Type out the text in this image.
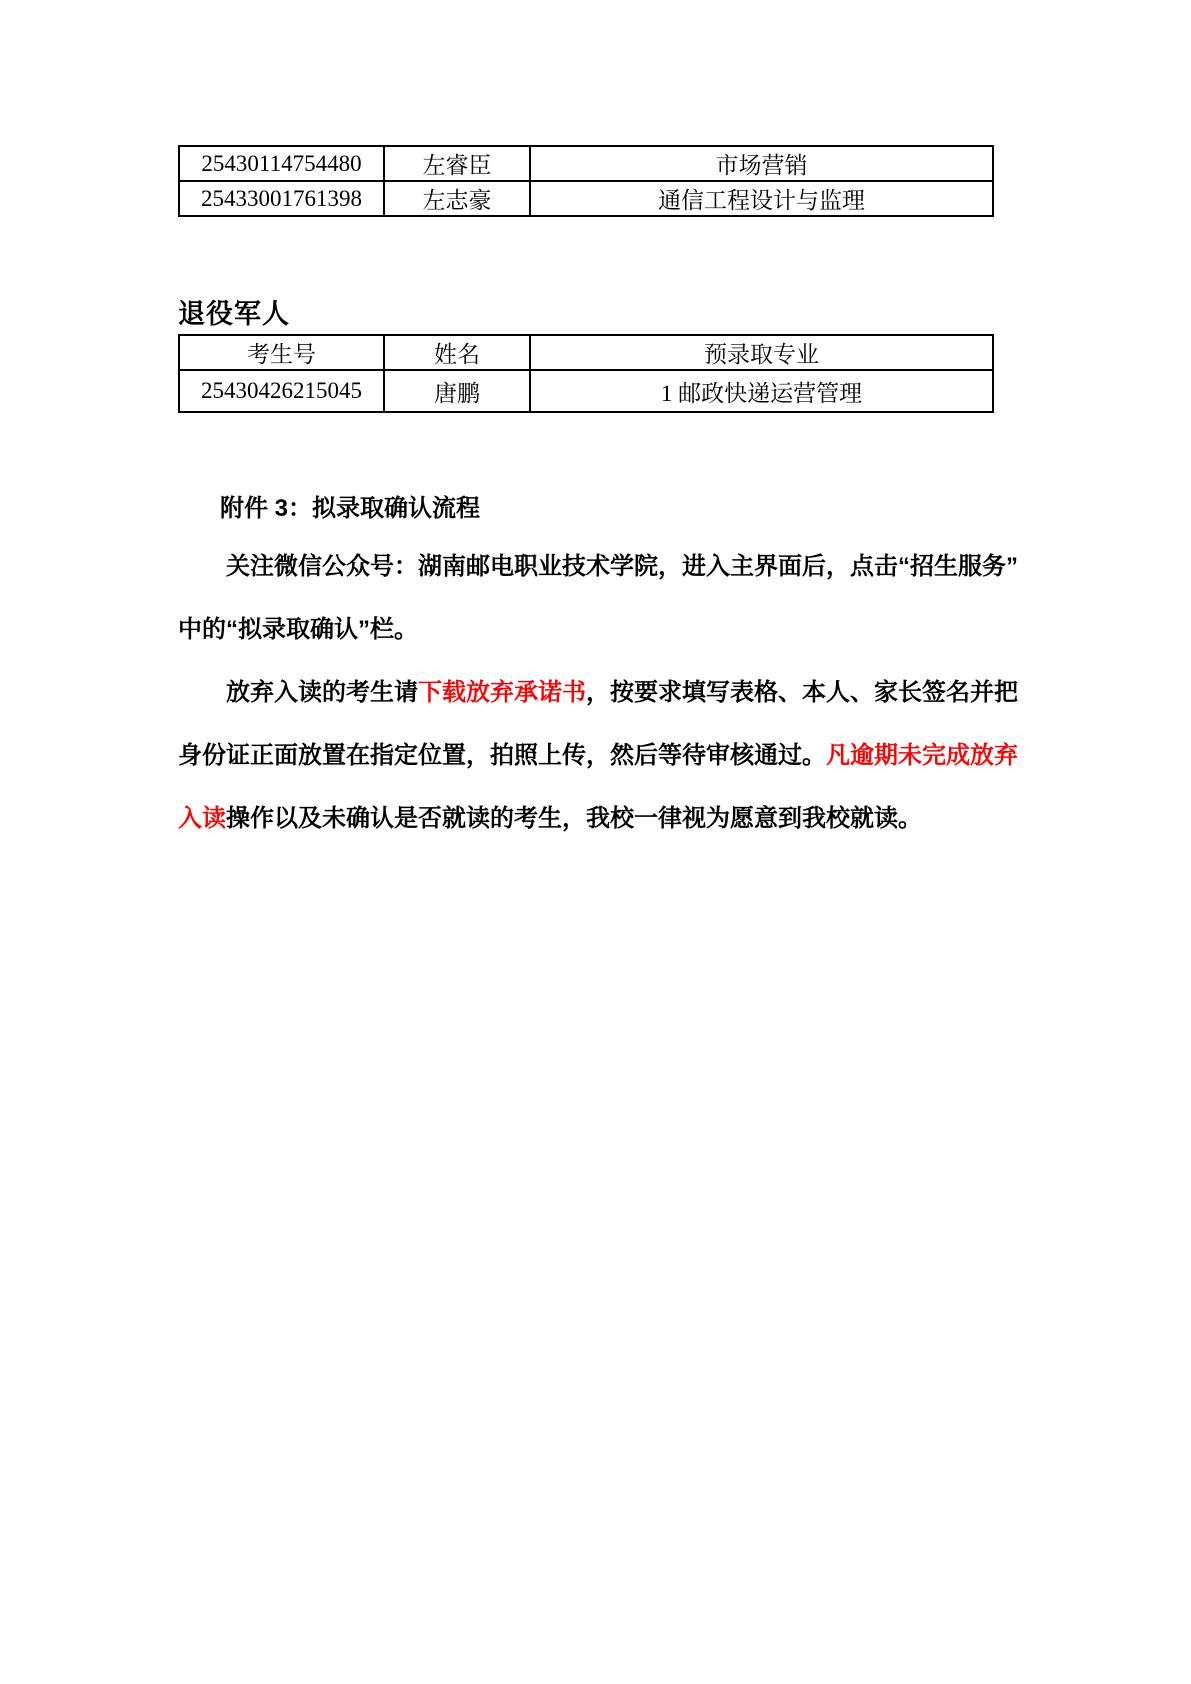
25430114754480	左睿臣	市场营销
25433001761398	左志豪	通信工程设计与监理
退役军人
考生号	姓名	预录取专业
25430426215045	唐鹏	1 邮政快递运营管理
附件 3：拟录取确认流程
关注微信公众号：湖南邮电职业技术学院，进入主界面后，点击“招生服务”
中的“拟录取确认”栏。
放弃入读的考生请下载放弃承诺书，按要求填写表格、本人、家长签名并把
身份证正面放置在指定位置，拍照上传，然后等待审核通过。凡逾期未完成放弃
入读操作以及未确认是否就读的考生，我校一律视为愿意到我校就读。
